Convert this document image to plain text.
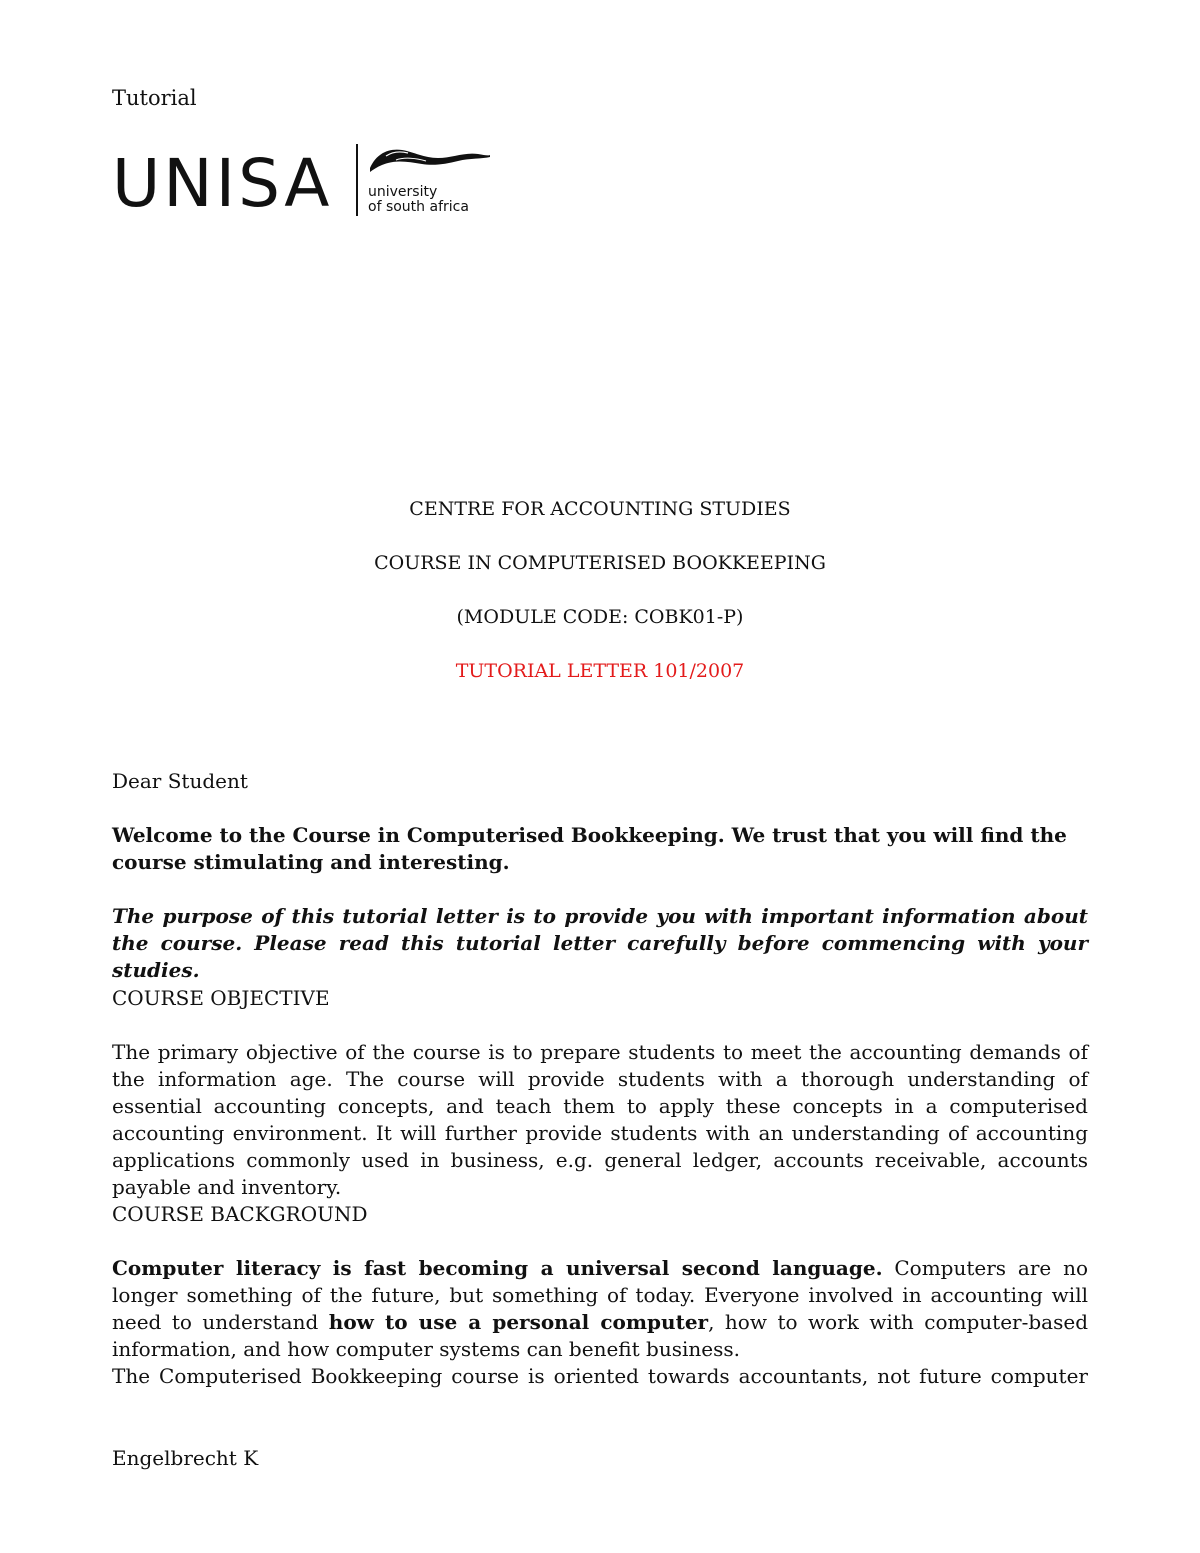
Tutorial
UNISA	university
of south africa
CENTRE FOR ACCOUNTING STUDIES
COURSE IN COMPUTERISED BOOKKEEPING
(MODULE CODE: COBK01-P)
TUTORIAL LETTER 101/2007
Dear Student
Welcome to the Course in Computerised Bookkeeping. We trust that you will find the course stimulating and interesting.
The purpose of this tutorial letter is to provide you with important information about the course. Please read this tutorial letter carefully before commencing with your studies.
COURSE OBJECTIVE
The primary objective of the course is to prepare students to meet the accounting demands of the information age. The course will provide students with a thorough understanding of essential accounting concepts, and teach them to apply these concepts in a computerised accounting environment. It will further provide students with an understanding of accounting applications commonly used in business, e.g. general ledger, accounts receivable, accounts payable and inventory.
COURSE BACKGROUND
Computer literacy is fast becoming a universal second language. Computers are no longer something of the future, but something of today. Everyone involved in accounting will need to understand how to use a personal computer, how to work with computer-based information, and how computer systems can benefit business.
The Computerised Bookkeeping course is oriented towards accountants, not future computer
Engelbrecht K
